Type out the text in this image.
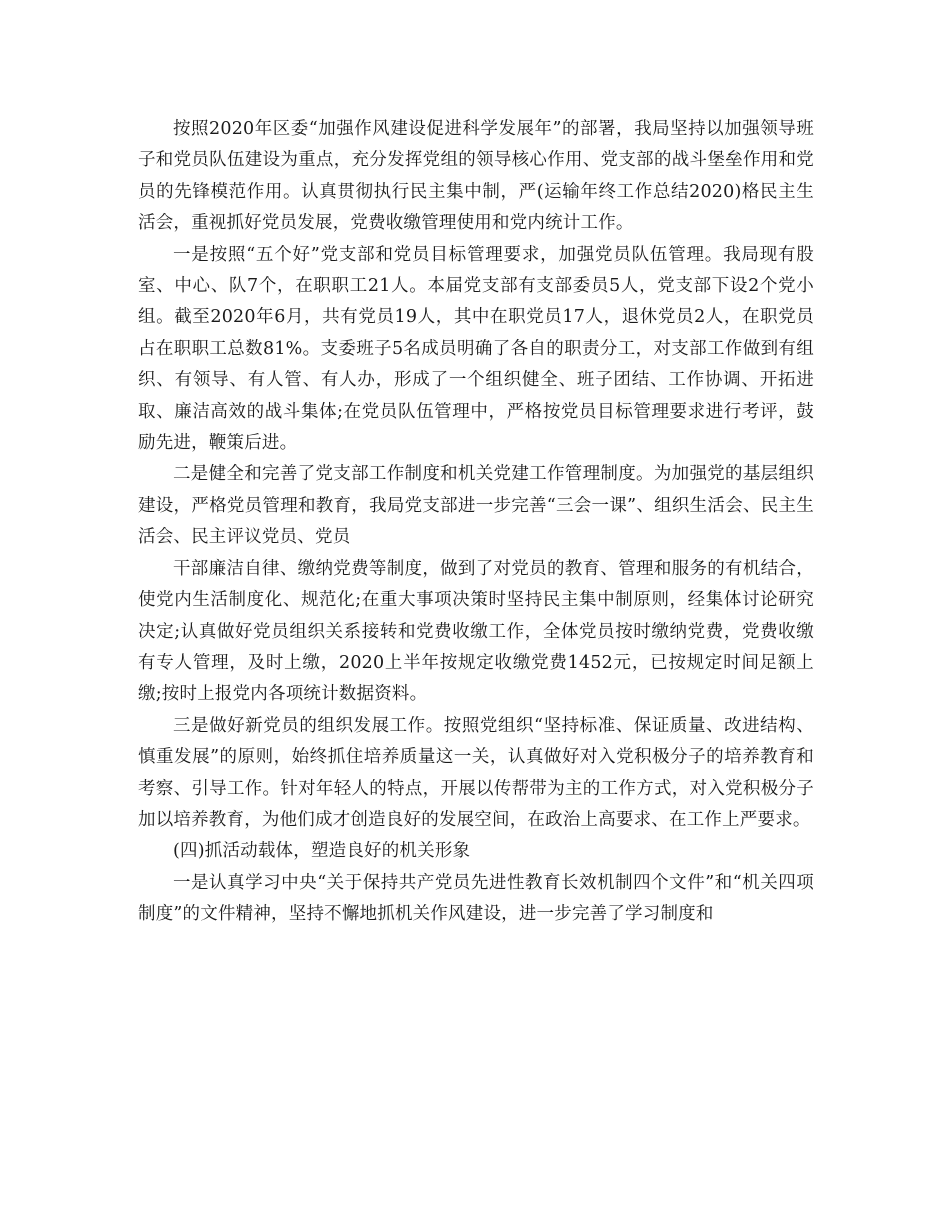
按照2020年区委“加强作风建设促进科学发展年”的部署，我局坚持以加强领导班子和党员队伍建设为重点，充分发挥党组的领导核心作用、党支部的战斗堡垒作用和党员的先锋模范作用。认真贯彻执行民主集中制，严(运输年终工作总结2020)格民主生活会，重视抓好党员发展，党费收缴管理使用和党内统计工作。

一是按照“五个好”党支部和党员目标管理要求，加强党员队伍管理。我局现有股室、中心、队7个，在职职工21人。本届党支部有支部委员5人，党支部下设2个党小组。截至2020年6月，共有党员19人，其中在职党员17人，退休党员2人，在职党员占在职职工总数81%。支委班子5名成员明确了各自的职责分工，对支部工作做到有组织、有领导、有人管、有人办，形成了一个组织健全、班子团结、工作协调、开拓进取、廉洁高效的战斗集体;在党员队伍管理中，严格按党员目标管理要求进行考评，鼓励先进，鞭策后进。

二是健全和完善了党支部工作制度和机关党建工作管理制度。为加强党的基层组织建设，严格党员管理和教育，我局党支部进一步完善“三会一课”、组织生活会、民主生活会、民主评议党员、党员

干部廉洁自律、缴纳党费等制度，做到了对党员的教育、管理和服务的有机结合，使党内生活制度化、规范化;在重大事项决策时坚持民主集中制原则，经集体讨论研究决定;认真做好党员组织关系接转和党费收缴工作，全体党员按时缴纳党费，党费收缴有专人管理，及时上缴，2020上半年按规定收缴党费1452元，已按规定时间足额上缴;按时上报党内各项统计数据资料。

三是做好新党员的组织发展工作。按照党组织“坚持标准、保证质量、改进结构、慎重发展”的原则，始终抓住培养质量这一关，认真做好对入党积极分子的培养教育和考察、引导工作。针对年轻人的特点，开展以传帮带为主的工作方式，对入党积极分子加以培养教育，为他们成才创造良好的发展空间，在政治上高要求、在工作上严要求。

(四)抓活动载体，塑造良好的机关形象

一是认真学习中央“关于保持共产党员先进性教育长效机制四个文件”和“机关四项制度”的文件精神，坚持不懈地抓机关作风建设，进一步完善了学习制度和
